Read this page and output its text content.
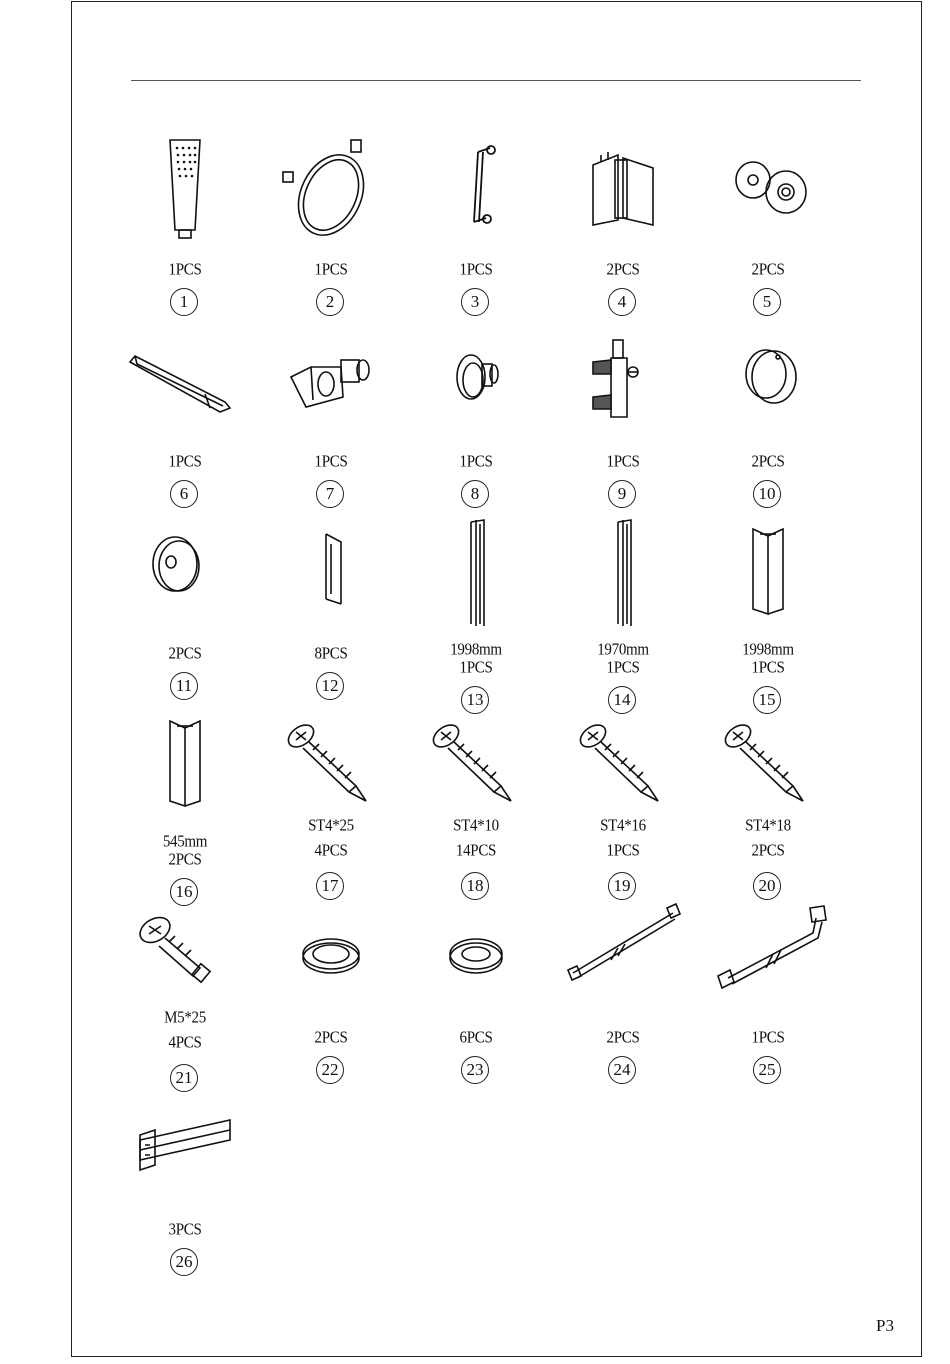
1PCS
1
1PCS
2
1PCS
3
2PCS
4
2PCS
5
1PCS
6
1PCS
7
1PCS
8
1PCS
9
2PCS
10
2PCS
11
8PCS
12
1998mm
1PCS
13
1970mm
1PCS
14
1998mm
1PCS
15
545mm
2PCS
16
ST4*25
4PCS
17
ST4*10
14PCS
18
ST4*16
1PCS
19
ST4*18
2PCS
20
M5*25
4PCS
21
2PCS
22
6PCS
23
2PCS
24
1PCS
25
3PCS
26
P3
